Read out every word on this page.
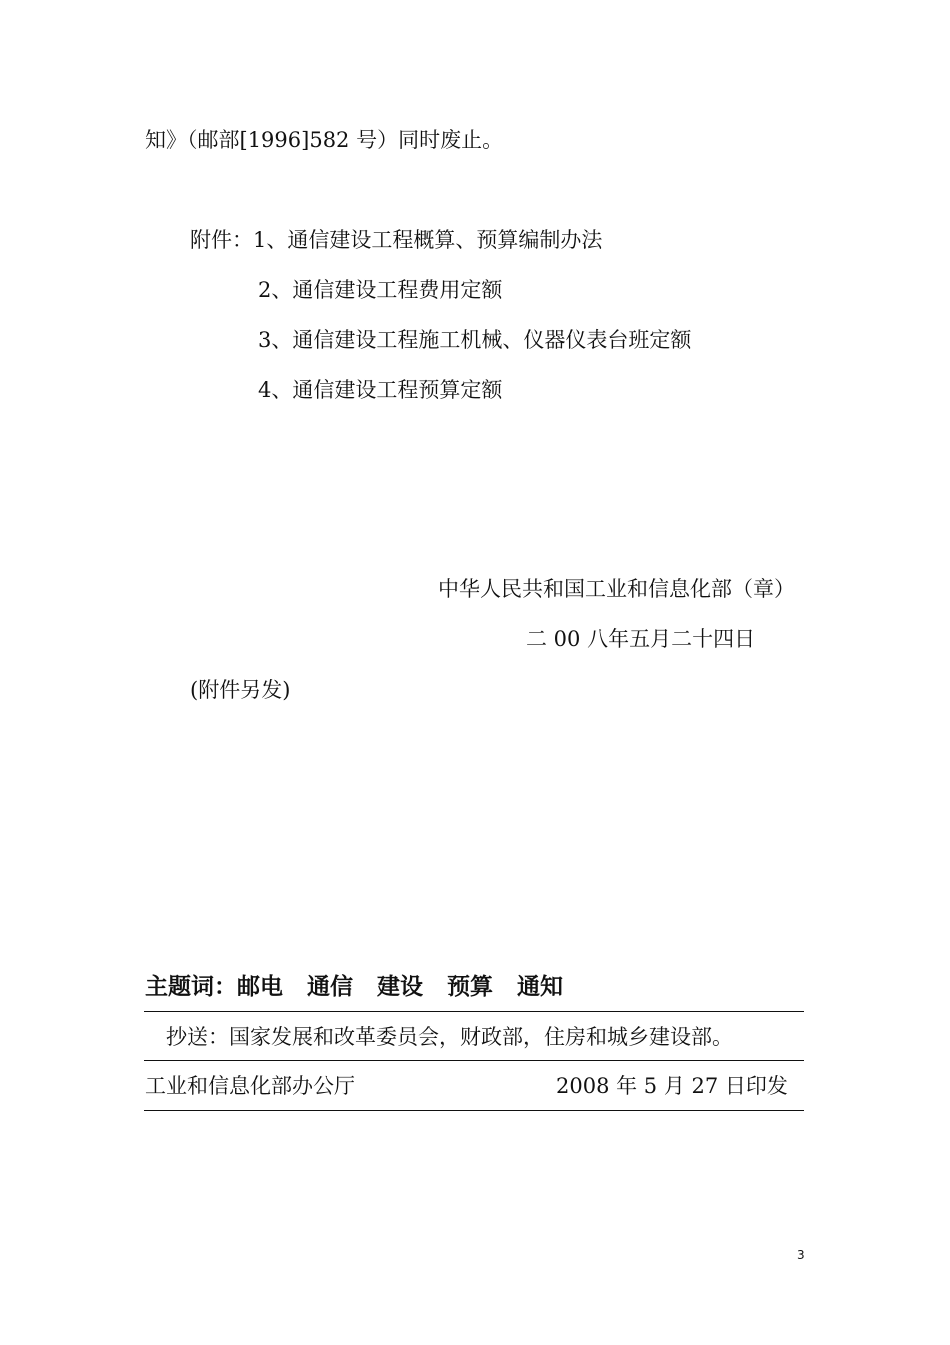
知》（邮部[1996]582 号）同时废止。
附件：1、通信建设工程概算、预算编制办法
2、通信建设工程费用定额
3、通信建设工程施工机械、仪器仪表台班定额
4、通信建设工程预算定额
中华人民共和国工业和信息化部（章）
二 00 八年五月二十四日
(附件另发)
主题词：邮电 通信 建设 预算 通知
抄送：国家发展和改革委员会，财政部，住房和城乡建设部。
工业和信息化部办公厅	2008 年 5 月 27 日印发
3
